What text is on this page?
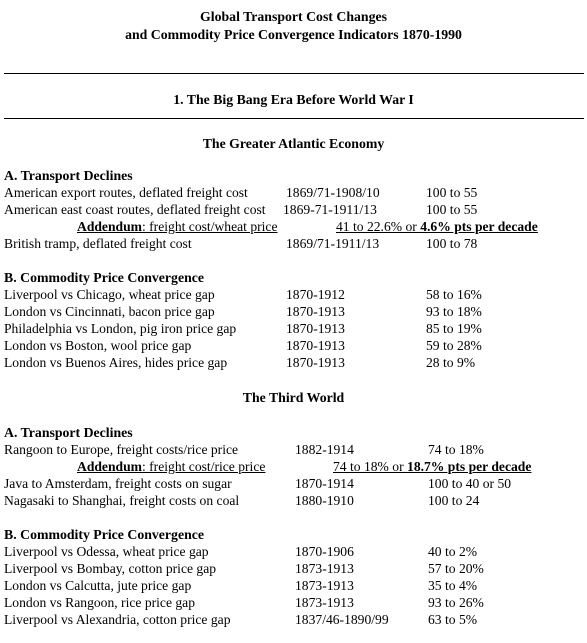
Global Transport Cost Changes
and Commodity Price Convergence Indicators 1870-1990
1. The Big Bang Era Before World War I
The Greater Atlantic Economy
A. Transport Declines
American export routes, deflated freight cost	1869/71-1908/10	100 to 55
American east coast routes, deflated freight cost 1869-71-1911/13	100 to 55
Addendum: freight cost/wheat price	41 to 22.6% or 4.6% pts per decade
British tramp, deflated freight cost	1869/71-1911/13	100 to 78
B. Commodity Price Convergence
Liverpool vs Chicago, wheat price gap	1870-1912	58 to 16%
London vs Cincinnati, bacon price gap	1870-1913	93 to 18%
Philadelphia vs London, pig iron price gap	1870-1913	85 to 19%
London vs Boston, wool price gap	1870-1913	59 to 28%
London vs Buenos Aires, hides price gap	1870-1913	28 to 9%
The Third World
A. Transport Declines
Rangoon to Europe, freight costs/rice price	1882-1914	74 to 18%
Addendum: freight cost/rice price	74 to 18% or 18.7% pts per decade
Java to Amsterdam, freight costs on sugar	1870-1914	100 to 40 or 50
Nagasaki to Shanghai, freight costs on coal	1880-1910	100 to 24
B. Commodity Price Convergence
Liverpool vs Odessa, wheat price gap	1870-1906	40 to 2%
Liverpool vs Bombay, cotton price gap	1873-1913	57 to 20%
London vs Calcutta, jute price gap	1873-1913	35 to 4%
London vs Rangoon, rice price gap	1873-1913	93 to 26%
Liverpool vs Alexandria, cotton price gap	1837/46-1890/99	63 to 5%
